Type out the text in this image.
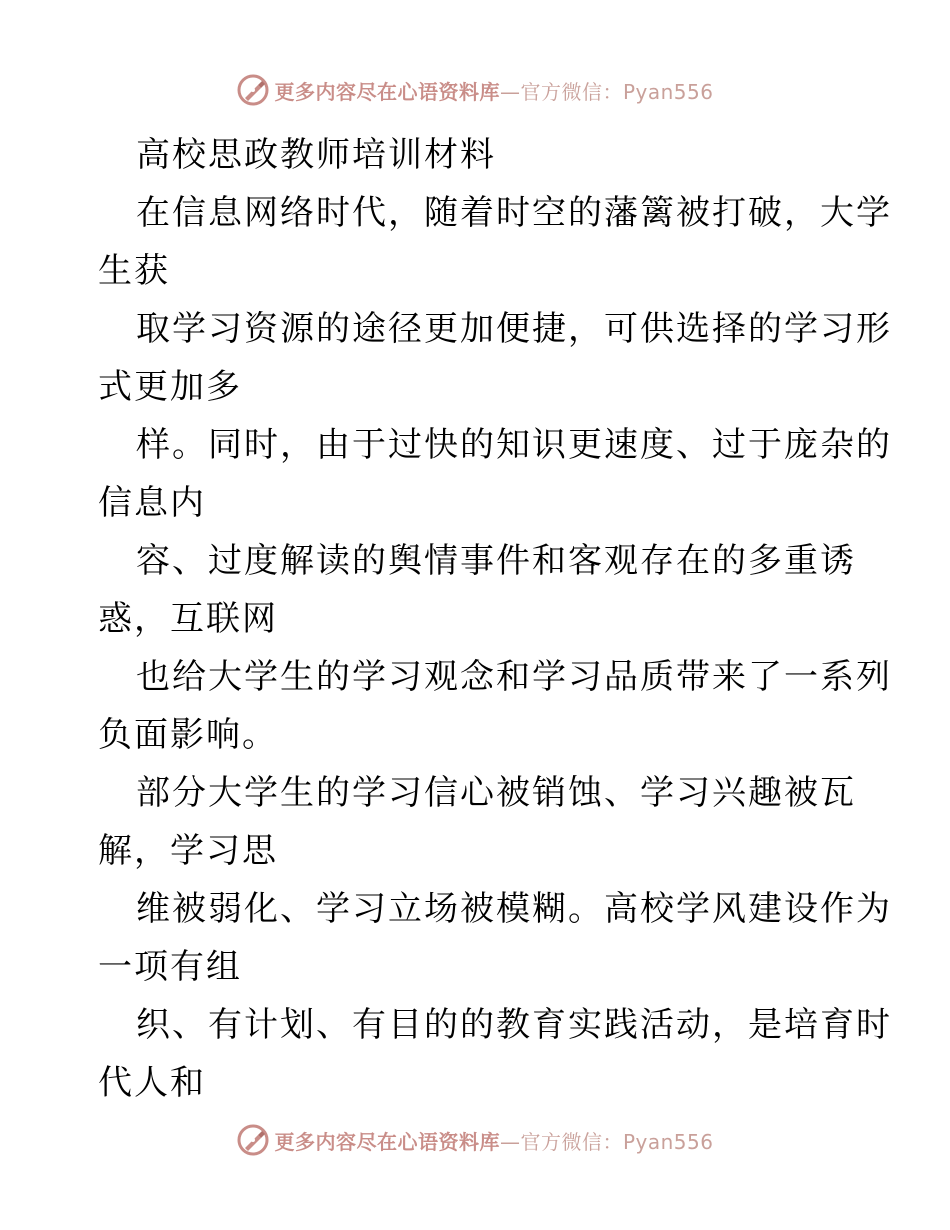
更多内容尽在心语资料库—官方微信：Pyan556
高校思政教师培训材料
在信息网络时代，随着时空的藩篱被打破，大学
生获
取学习资源的途径更加便捷，可供选择的学习形
式更加多
样。同时，由于过快的知识更速度、过于庞杂的
信息内
容、过度解读的舆情事件和客观存在的多重诱
惑，互联网
也给大学生的学习观念和学习品质带来了一系列
负面影响。
部分大学生的学习信心被销蚀、学习兴趣被瓦
解，学习思
维被弱化、学习立场被模糊。高校学风建设作为
一项有组
织、有计划、有目的的教育实践活动，是培育时
代人和
更多内容尽在心语资料库—官方微信：Pyan556
